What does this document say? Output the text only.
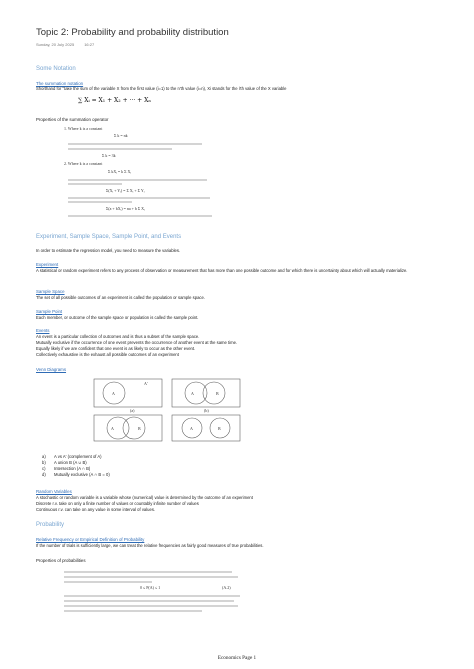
Topic 2: Probability and probability distribution
Sunday, 20 July 2025	16:27
Some Notation
The summation notation
Shorthand for "take the sum of the variable X from the first value (i=1) to the n'th value (i=n), Xi stands for the i'th value of the X variable
∑ Xᵢ = X₁ + X₂ + ··· + Xₙ
Properties of the summation operator
1. Where k is a constant
Σ k = nk
Σ k = 3k
2. Where k is a constant
Σ kXᵢ = k Σ Xᵢ
Σ(Xᵢ + Yᵢ) = Σ Xᵢ + Σ Yᵢ
Σ(a + bXᵢ) = na + b Σ Xᵢ
Experiment, Sample Space, Sample Point, and Events
In order to estimate the regression model, you need to measure the variables.
Experiment
A statistical or random experiment refers to any process of observation or measurement that has more than one possible outcome and for which there is uncertainty about which will actually materialize.
Sample Space
The set of all possible outcomes of an experiment is called the population or sample space.
Sample Point
Each member, or outcome of the sample space or population is called the sample point.
Events
An event is a particular collection of outcomes and is thus a subset of the sample space.
Mutually exclusive if the occurrence of one event prevents the occurrence of another event at the same time.
Equally likely if we are confident that one event is as likely to occur as the other event.
Collectively exhaustive is the exhaust all possible outcomes of an experiment
Venn Diagrams
A
A'
A	B
(a)	(b)
A	B	A	B
a) A vs A' (complement of A)
b) A union B (A ∪ B)
c) Intersection (A ∩ B)
d) Mutually exclusive (A ∩ B = 0)
Random Variables
A stochastic or random variable is a variable whose (numerical) value is determined by the outcome of an experiment
Discrete r.v. take on only a finite number of values or countably infinite number of values
Continuous r.v. can take on any value in some interval of values.
Probability
Relative Frequency or Empirical Definition of Probability
If the number of trials is sufficiently large, we can treat the relative frequencies as fairly good measures of true probabilities.
Properties of probabilities
0 ≤ P(A) ≤ 1	(A.2)
Economics Page 1
